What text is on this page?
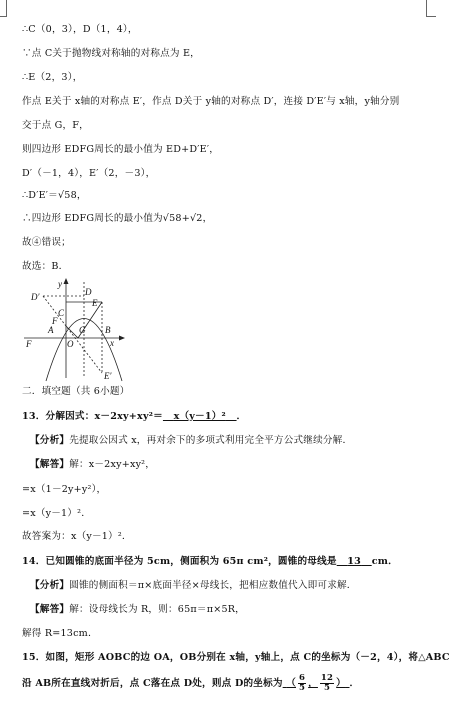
∴C（0，3），D（1，4），
∵点 C关于抛物线对称轴的对称点为 E，
∴E（2，3），
作点 E关于 x轴的对称点 E′，作点 D关于 y轴的对称点 D′，连接 D′E′与 x轴，y轴分别
交于点 G，F，
则四边形 EDFG周长的最小值为 ED+D′E′，
D′（－1，4），E′（2，－3），
∴D′E′＝√58，
∴四边形 EDFG周长的最小值为√58+√2，
故④错误；
故选：B．
y
x
D′	D
C
E
F
A	G B
O
F
E′
二．填空题（共 6小题）
13．分解因式：x－2xy+xy²＝ x（y－1）² ．
【分析】先提取公因式 x，再对余下的多项式利用完全平方公式继续分解．
【解答】解：x－2xy+xy²，
=x（1－2y+y²），
=x（y－1）²．
故答案为：x（y－1）²．
14．已知圆锥的底面半径为 5cm，侧面积为 65π cm²，圆锥的母线是 13 cm．
【分析】圆锥的侧面积＝π×底面半径×母线长，把相应数值代入即可求解．
【解答】解：设母线长为 R，则：65π＝π×5R，
解得 R=13cm．
15．如图，矩形 AOBC的边 OA，OB分别在 x轴，y轴上，点 C的坐标为（－2，4），将△ABC
沿 AB所在直线对折后，点 C落在点 D处，则点 D的坐标为 （ $\frac{6}{5}$ ， $\frac{12}{5}$ ） ．
